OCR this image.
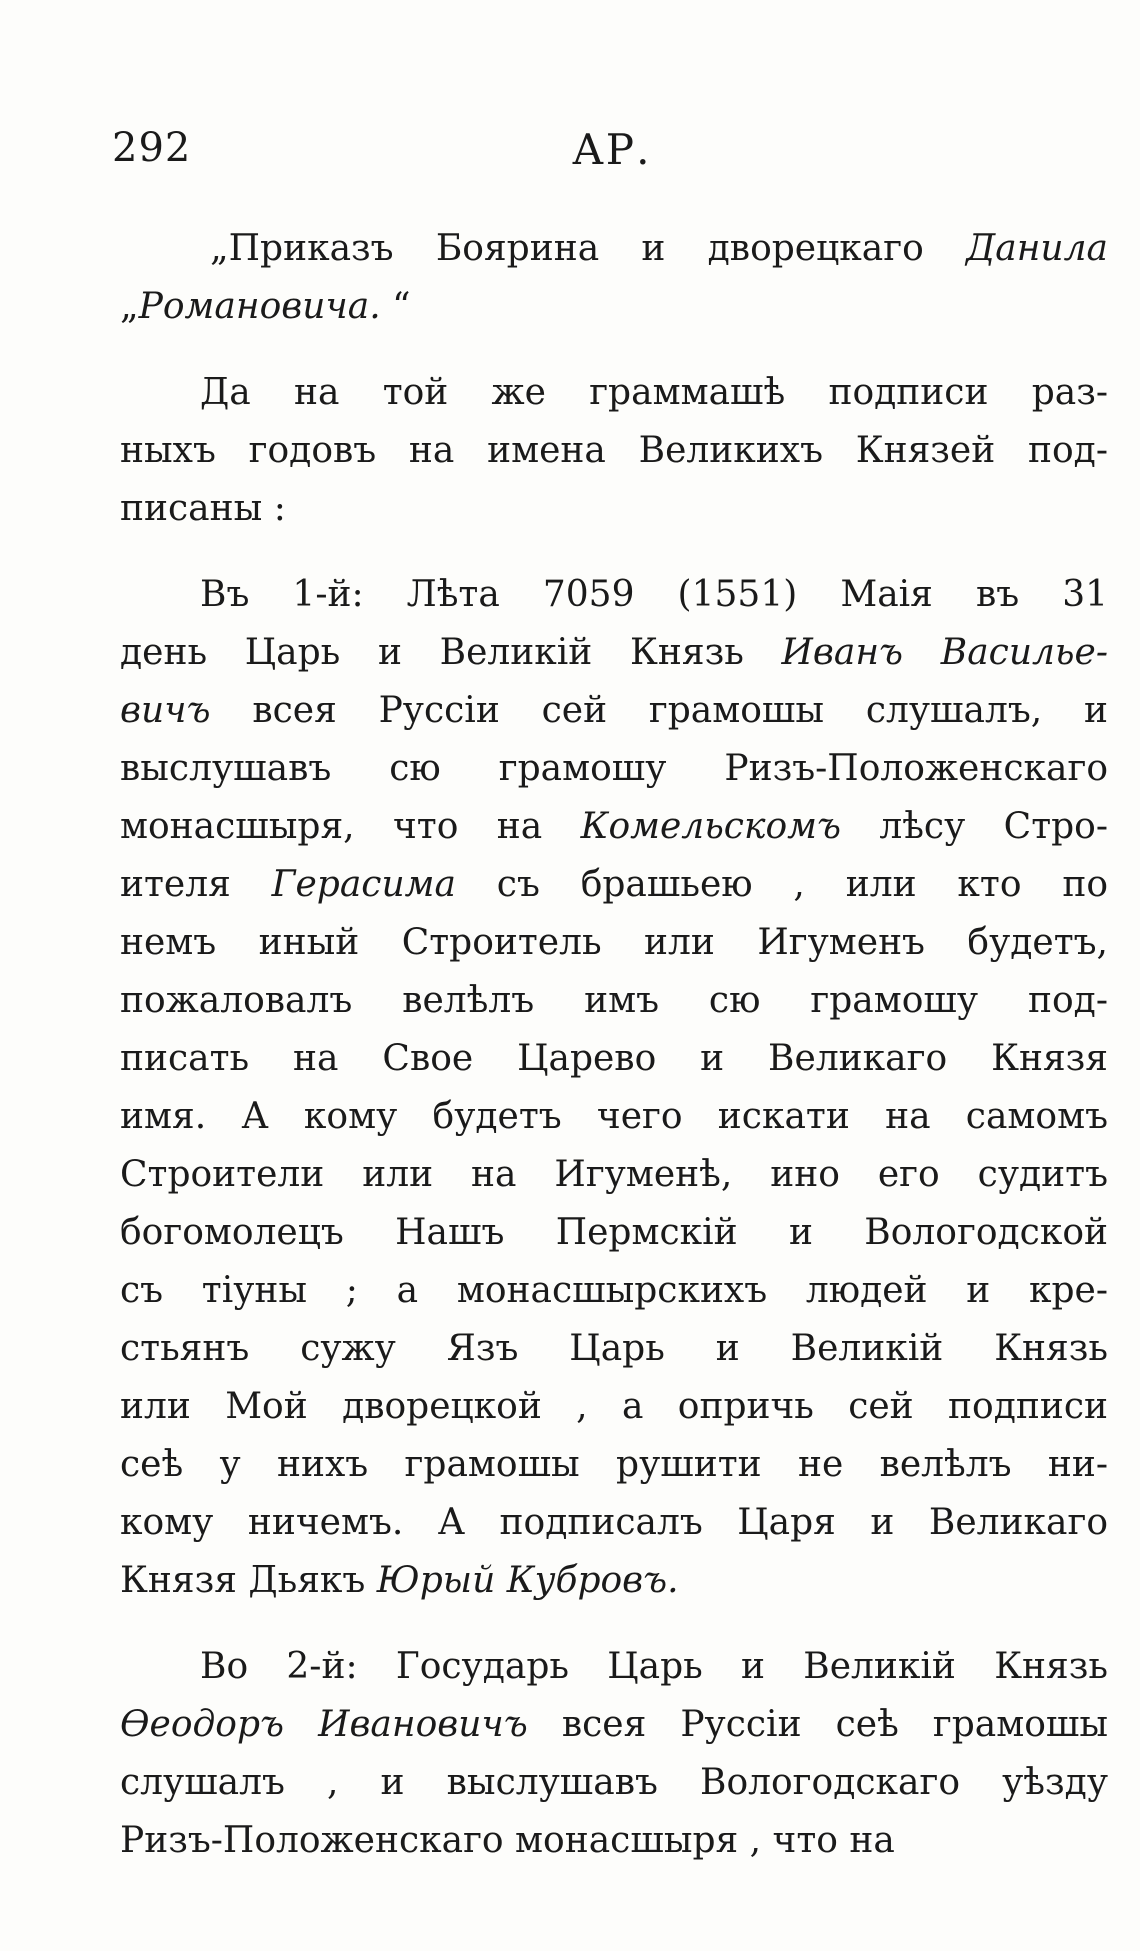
292	АР.

„Приказъ Боярина и дворецкаго Данила
„Романовича. “

Да на той же граммашѣ подписи раз-
ныхъ годовъ на имена Великихъ Князей под-
писаны :

Въ 1-й: Лѣта 7059 (1551) Маія въ 31
день Царь и Великій Князь Иванъ Василье-
вичъ всея Руссіи сей грамошы слушалъ, и
выслушавъ сю грамошу Ризъ-Положенскаго
монасшыря, что на Комельскомъ лѣсу Стро-
ителя Герасима съ брашьею , или кто по
немъ иный Строитель или Игуменъ будетъ,
пожаловалъ велѣлъ имъ сю грамошу под-
писать на Свое Царево и Великаго Князя
имя. А кому будетъ чего искати на самомъ
Строители или на Игуменѣ, ино его судитъ
богомолецъ Нашъ Пермскій и Вологодской
съ тіуны ; а монасшырскихъ людей и кре-
стьянъ сужу Язъ Царь и Великій Князь
или Мой дворецкой , а опричь сей подписи
сеѣ у нихъ грамошы рушити не велѣлъ ни-
кому ничемъ. А подписалъ Царя и Великаго
Князя Дьякъ Юрый Кубровъ.

Во 2-й: Государь Царь и Великій Князь
Ѳеодоръ Ивановичъ всея Руссіи сеѣ грамошы
слушалъ , и выслушавъ Вологодскаго уѣзду
Ризъ-Положенскаго монасшыря , что на
